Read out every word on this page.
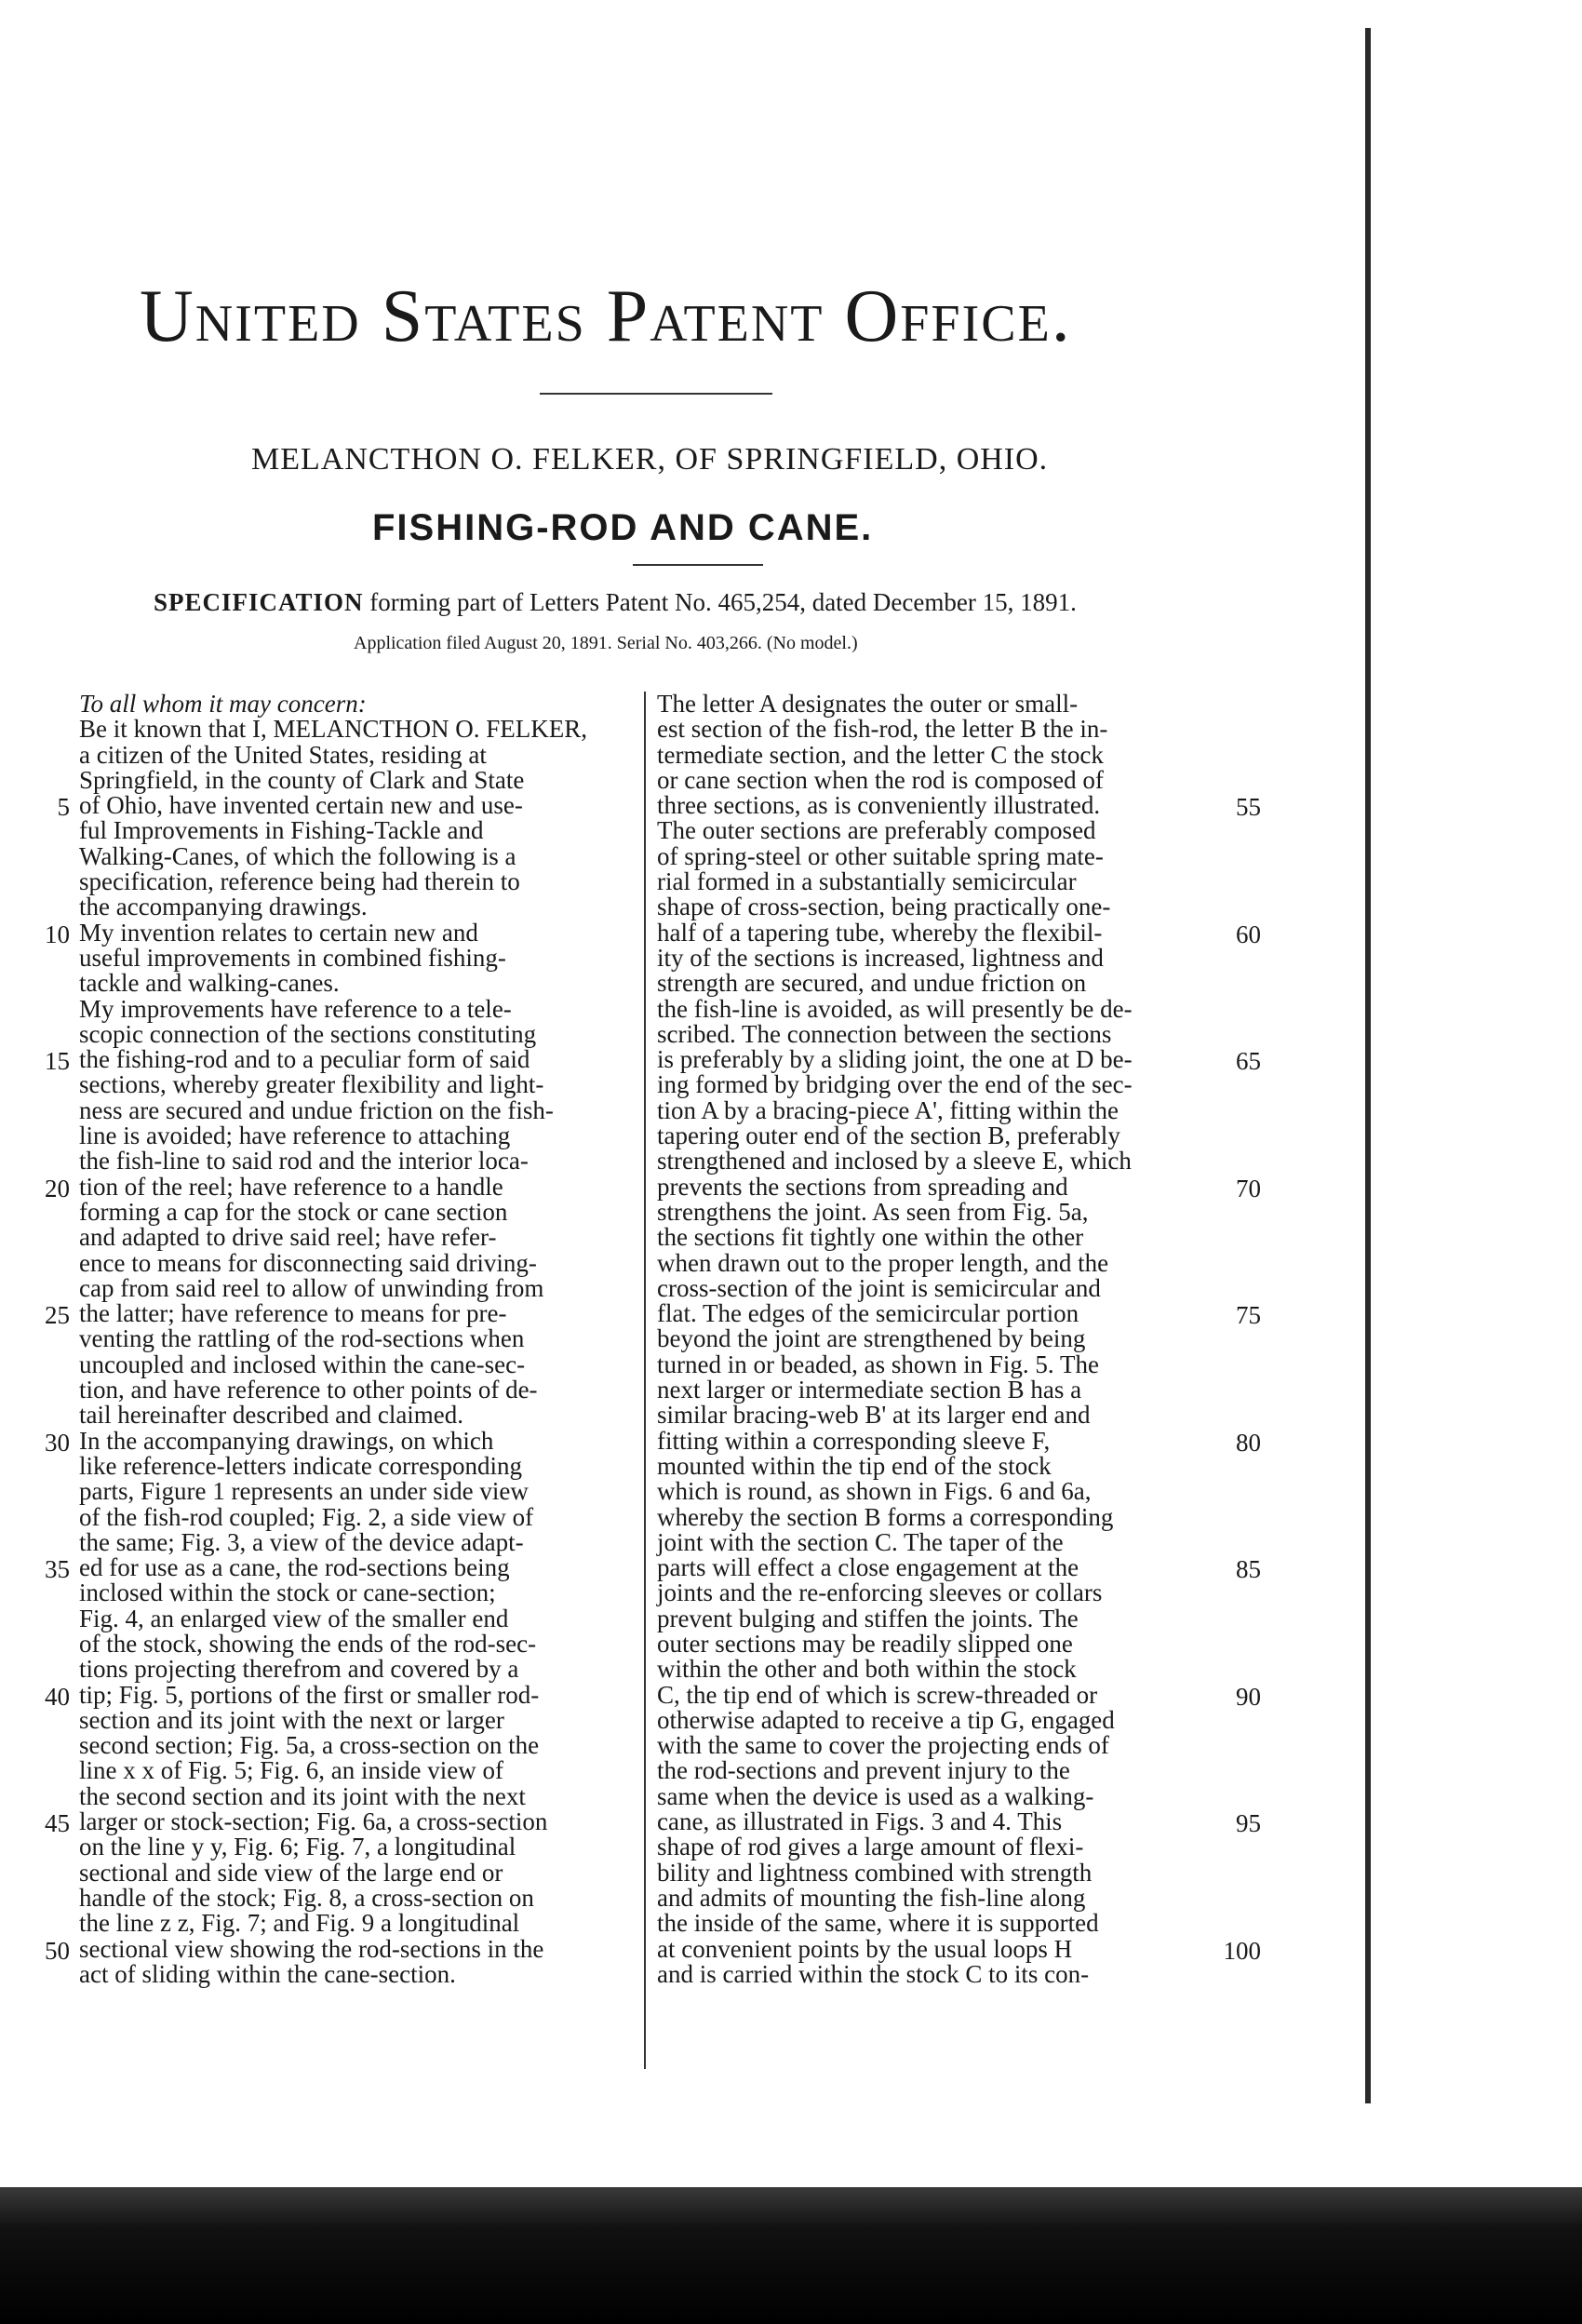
United States Patent Office.
MELANCTHON O. FELKER, OF SPRINGFIELD, OHIO.
FISHING-ROD AND CANE.
SPECIFICATION forming part of Letters Patent No. 465,254, dated December 15, 1891.
Application filed August 20, 1891. Serial No. 403,266. (No model.)
To all whom it may concern:
Be it known that I, MELANCTHON O. FELKER,
a citizen of the United States, residing at
Springfield, in the county of Clark and State
of Ohio, have invented certain new and use-
ful Improvements in Fishing-Tackle and
Walking-Canes, of which the following is a
specification, reference being had therein to
the accompanying drawings.
My invention relates to certain new and
useful improvements in combined fishing-
tackle and walking-canes.
My improvements have reference to a tele-
scopic connection of the sections constituting
the fishing-rod and to a peculiar form of said
sections, whereby greater flexibility and light-
ness are secured and undue friction on the fish-
line is avoided; have reference to attaching
the fish-line to said rod and the interior loca-
tion of the reel; have reference to a handle
forming a cap for the stock or cane section
and adapted to drive said reel; have refer-
ence to means for disconnecting said driving-
cap from said reel to allow of unwinding from
the latter; have reference to means for pre-
venting the rattling of the rod-sections when
uncoupled and inclosed within the cane-sec-
tion, and have reference to other points of de-
tail hereinafter described and claimed.
In the accompanying drawings, on which
like reference-letters indicate corresponding
parts, Figure 1 represents an under side view
of the fish-rod coupled; Fig. 2, a side view of
the same; Fig. 3, a view of the device adapt-
ed for use as a cane, the rod-sections being
inclosed within the stock or cane-section;
Fig. 4, an enlarged view of the smaller end
of the stock, showing the ends of the rod-sec-
tions projecting therefrom and covered by a
tip; Fig. 5, portions of the first or smaller rod-
section and its joint with the next or larger
second section; Fig. 5a, a cross-section on the
line x x of Fig. 5; Fig. 6, an inside view of
the second section and its joint with the next
larger or stock-section; Fig. 6a, a cross-section
on the line y y, Fig. 6; Fig. 7, a longitudinal
sectional and side view of the large end or
handle of the stock; Fig. 8, a cross-section on
the line z z, Fig. 7; and Fig. 9 a longitudinal
sectional view showing the rod-sections in the
act of sliding within the cane-section.
The letter A designates the outer or small-
est section of the fish-rod, the letter B the in-
termediate section, and the letter C the stock
or cane section when the rod is composed of
three sections, as is conveniently illustrated.
The outer sections are preferably composed
of spring-steel or other suitable spring mate-
rial formed in a substantially semicircular
shape of cross-section, being practically one-
half of a tapering tube, whereby the flexibil-
ity of the sections is increased, lightness and
strength are secured, and undue friction on
the fish-line is avoided, as will presently be de-
scribed. The connection between the sections
is preferably by a sliding joint, the one at D be-
ing formed by bridging over the end of the sec-
tion A by a bracing-piece A', fitting within the
tapering outer end of the section B, preferably
strengthened and inclosed by a sleeve E, which
prevents the sections from spreading and
strengthens the joint. As seen from Fig. 5a,
the sections fit tightly one within the other
when drawn out to the proper length, and the
cross-section of the joint is semicircular and
flat. The edges of the semicircular portion
beyond the joint are strengthened by being
turned in or beaded, as shown in Fig. 5. The
next larger or intermediate section B has a
similar bracing-web B' at its larger end and
fitting within a corresponding sleeve F,
mounted within the tip end of the stock
which is round, as shown in Figs. 6 and 6a,
whereby the section B forms a corresponding
joint with the section C. The taper of the
parts will effect a close engagement at the
joints and the re-enforcing sleeves or collars
prevent bulging and stiffen the joints. The
outer sections may be readily slipped one
within the other and both within the stock
C, the tip end of which is screw-threaded or
otherwise adapted to receive a tip G, engaged
with the same to cover the projecting ends of
the rod-sections and prevent injury to the
same when the device is used as a walking-
cane, as illustrated in Figs. 3 and 4. This
shape of rod gives a large amount of flexi-
bility and lightness combined with strength
and admits of mounting the fish-line along
the inside of the same, where it is supported
at convenient points by the usual loops H
and is carried within the stock C to its con-
5
10
15
20
25
30
35
40
45
50
55
60
65
70
75
80
85
90
95
100
